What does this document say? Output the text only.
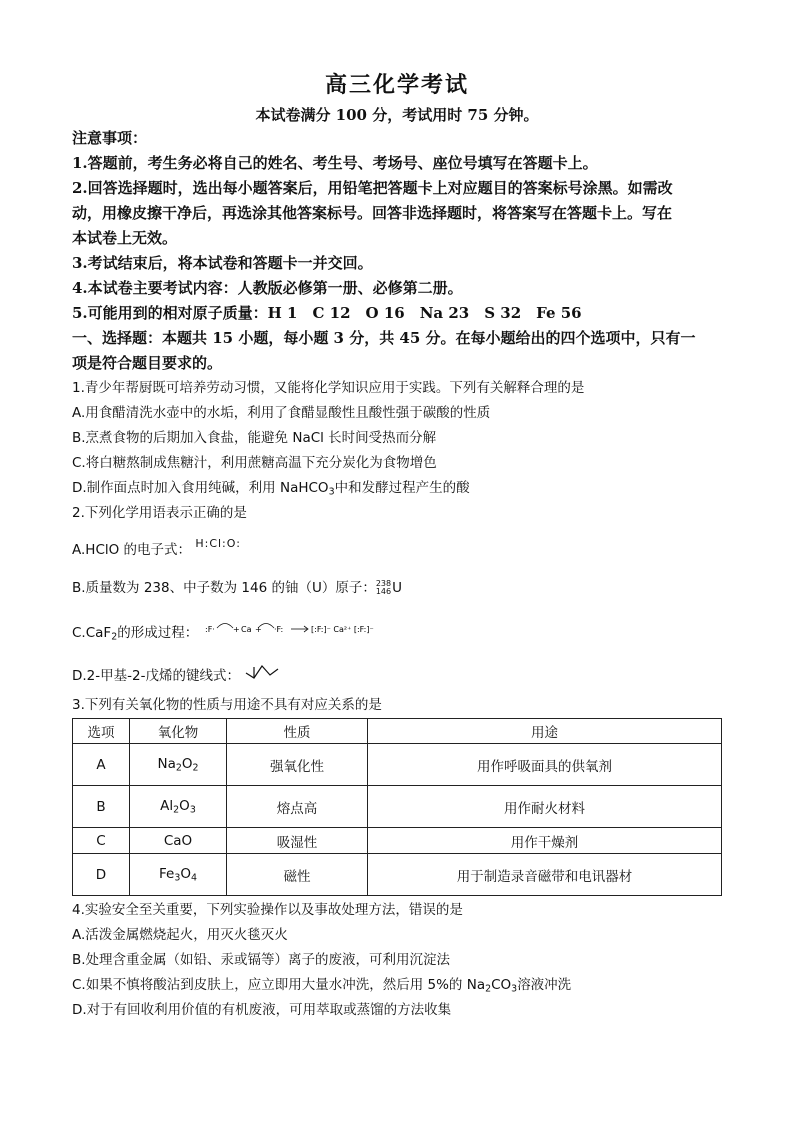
高三化学考试
本试卷满分 100 分，考试用时 75 分钟。
注意事项：
1.答题前，考生务必将自己的姓名、考生号、考场号、座位号填写在答题卡上。
2.回答选择题时，选出每小题答案后，用铅笔把答题卡上对应题目的答案标号涂黑。如需改
动，用橡皮擦干净后，再选涂其他答案标号。回答非选择题时，将答案写在答题卡上。写在
本试卷上无效。
3.考试结束后，将本试卷和答题卡一并交回。
4.本试卷主要考试内容：人教版必修第一册、必修第二册。
5.可能用到的相对原子质量：H 1　C 12　O 16　Na 23　S 32　Fe 56
一、选择题：本题共 15 小题，每小题 3 分，共 45 分。在每小题给出的四个选项中，只有一
项是符合题目要求的。
1.青少年帮厨既可培养劳动习惯，又能将化学知识应用于实践。下列有关解释合理的是
A.用食醋清洗水壶中的水垢，利用了食醋显酸性且酸性强于碳酸的性质
B.烹煮食物的后期加入食盐，能避免 NaCl 长时间受热而分解
C.将白糖熬制成焦糖汁，利用蔗糖高温下充分炭化为食物增色
D.制作面点时加入食用纯碱，利用 NaHCO$_3$中和发酵过程产生的酸
2.下列化学用语表示正确的是
A.HClO 的电子式： H:Cl:O:
B.质量数为 238、中子数为 146 的铀（U）原子： 238
146 U
C.CaF$_2$的形成过程： :F· + Ca + ·F:	[:F:]⁻ Ca²⁺ [:F:]⁻
D.2-甲基-2-戊烯的键线式：
3.下列有关氧化物的性质与用途不具有对应关系的是
选项	氧化物	性质	用途
A	$Na_2O_2$	强氧化性	用作呼吸面具的供氧剂
B	$Al_2O_3$	熔点高	用作耐火材料
C	CaO	吸湿性	用作干燥剂
D	$Fe_3O_4$	磁性	用于制造录音磁带和电讯器材
4.实验安全至关重要，下列实验操作以及事故处理方法，错误的是
A.活泼金属燃烧起火，用灭火毯灭火
B.处理含重金属（如铅、汞或镉等）离子的废液，可利用沉淀法
C.如果不慎将酸沾到皮肤上，应立即用大量水冲洗，然后用 5%的 $Na_2CO_3$溶液冲洗
D.对于有回收利用价值的有机废液，可用萃取或蒸馏的方法收集
